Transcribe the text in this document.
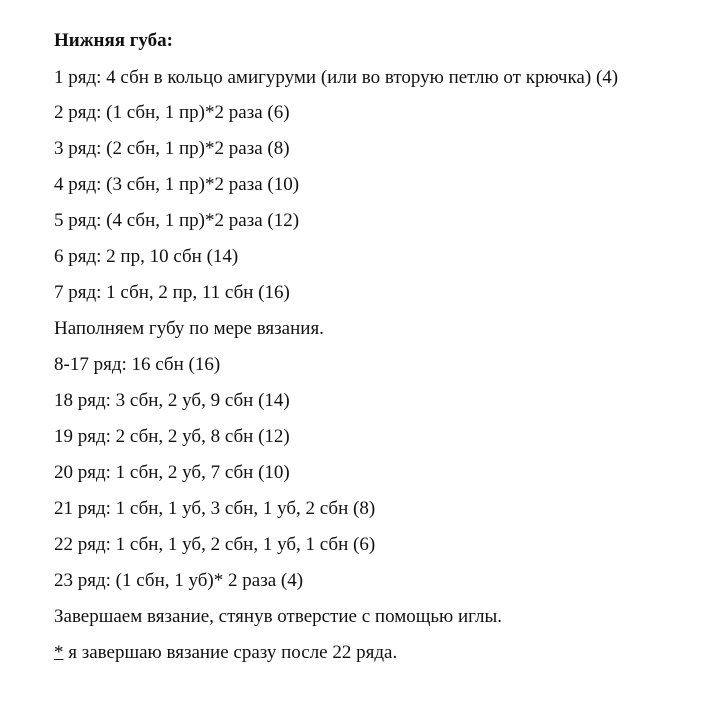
Нижняя губа:
1 ряд: 4 сбн в кольцо амигуруми (или во вторую петлю от крючка) (4)
2 ряд: (1 сбн, 1 пр)*2 раза (6)
3 ряд: (2 сбн, 1 пр)*2 раза (8)
4 ряд: (3 сбн, 1 пр)*2 раза (10)
5 ряд: (4 сбн, 1 пр)*2 раза (12)
6 ряд: 2 пр, 10 сбн (14)
7 ряд: 1 сбн, 2 пр, 11 сбн (16)
Наполняем губу по мере вязания.
8-17 ряд: 16 сбн (16)
18 ряд: 3 сбн, 2 уб, 9 сбн (14)
19 ряд: 2 сбн, 2 уб, 8 сбн (12)
20 ряд: 1 сбн, 2 уб, 7 сбн (10)
21 ряд: 1 сбн, 1 уб, 3 сбн, 1 уб, 2 сбн (8)
22 ряд: 1 сбн, 1 уб, 2 сбн, 1 уб, 1 сбн (6)
23 ряд: (1 сбн, 1 уб)* 2 раза (4)
Завершаем вязание, стянув отверстие с помощью иглы.
* я завершаю вязание сразу после 22 ряда.
